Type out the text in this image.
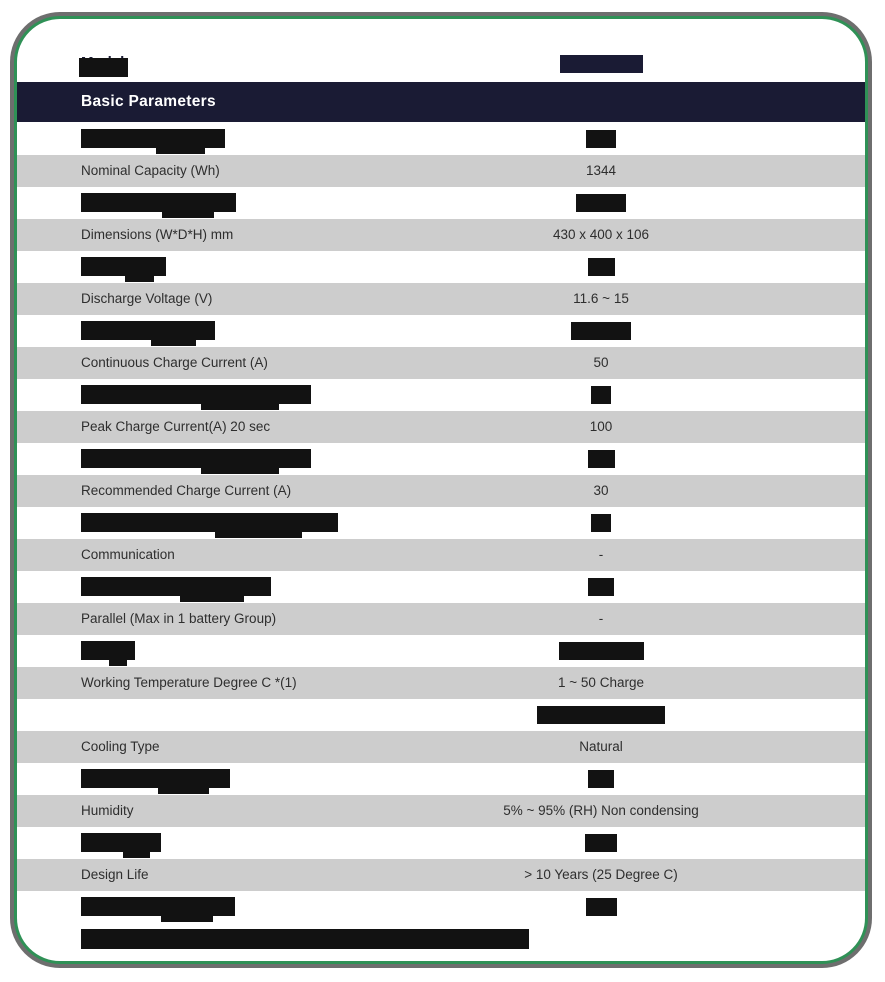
Basic Parameters
Nominal Capacity (Wh)	1344
Dimensions (W*D*H) mm	430 x 400 x 106
Discharge Voltage (V)	11.6 ~ 15
Continuous Charge Current (A)	50
Peak Charge Current(A) 20 sec	100
Recommended Charge Current (A)	30
Communication	-
Parallel (Max in 1 battery Group)	-
Working Temperature Degree C *(1)	1 ~ 50 Charge
Cooling Type	Natural
Humidity	5% ~ 95% (RH) Non condensing
Design Life	> 10 Years (25 Degree C)
